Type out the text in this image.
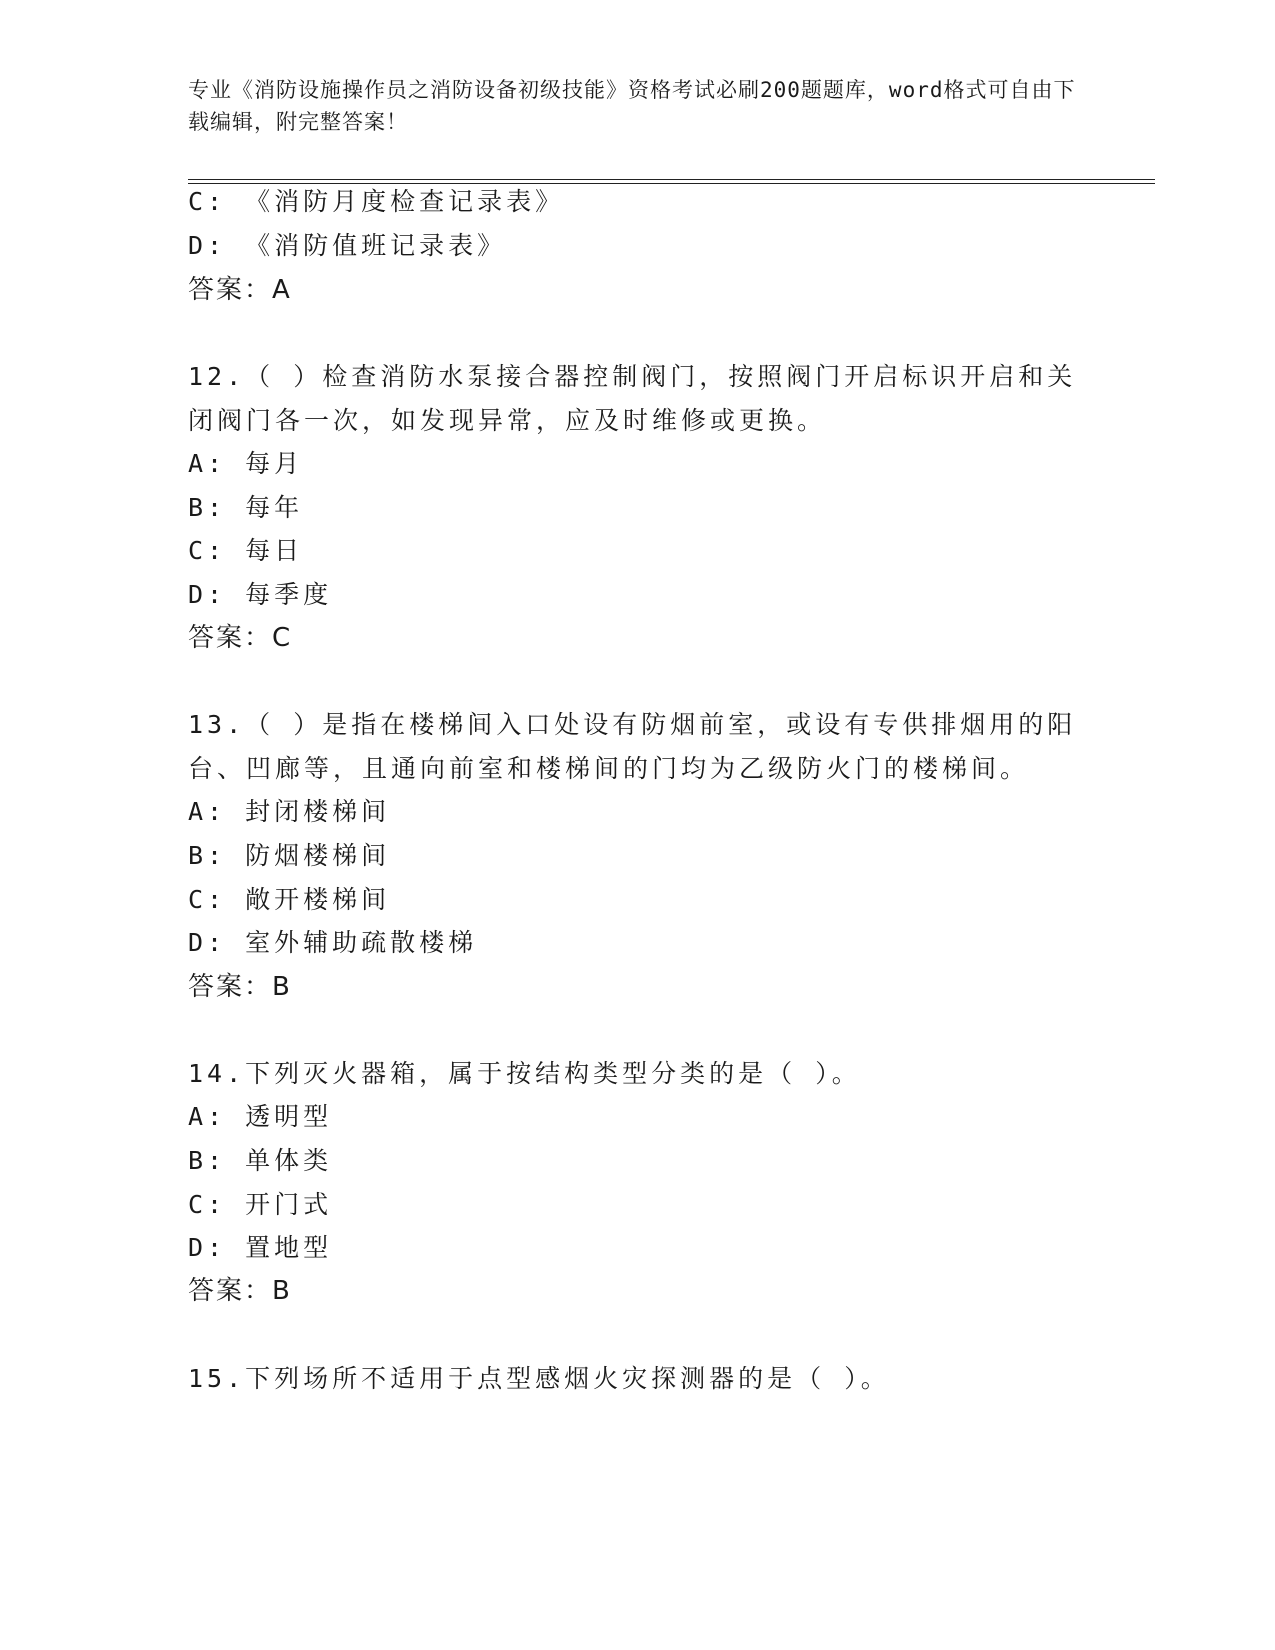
专业《消防设施操作员之消防设备初级技能》资格考试必刷200题题库，word格式可自由下载编辑，附完整答案！
C: 《消防月度检查记录表》
D: 《消防值班记录表》
答案：A
12.（ ）检查消防水泵接合器控制阀门，按照阀门开启标识开启和关
闭阀门各一次，如发现异常，应及时维修或更换。
A: 每月
B: 每年
C: 每日
D: 每季度
答案：C
13.（ ）是指在楼梯间入口处设有防烟前室，或设有专供排烟用的阳
台、凹廊等，且通向前室和楼梯间的门均为乙级防火门的楼梯间。
A: 封闭楼梯间
B: 防烟楼梯间
C: 敞开楼梯间
D: 室外辅助疏散楼梯
答案：B
14.下列灭火器箱，属于按结构类型分类的是（ ）。
A: 透明型
B: 单体类
C: 开门式
D: 置地型
答案：B
15.下列场所不适用于点型感烟火灾探测器的是（ ）。
